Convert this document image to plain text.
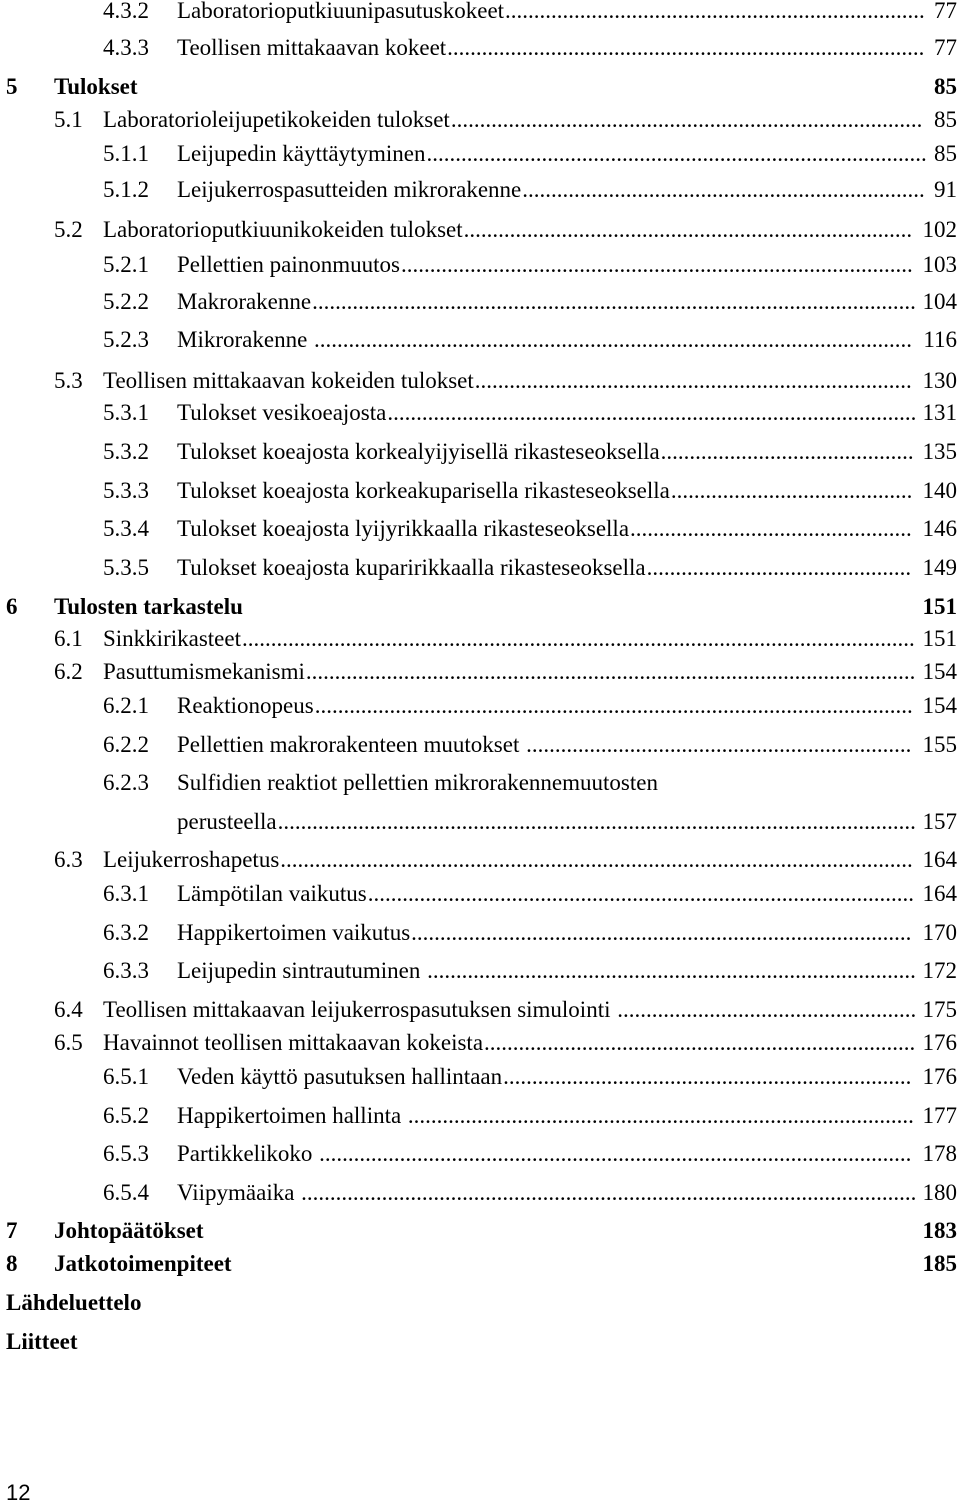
4.3.2 Laboratorioputkiuunipasutuskokeet	77
.........................................................................
4.3.3 Teollisen mittakaavan kokeet	77
...................................................................................
5 Tulokset	85
5.1 Laboratorioleijupetikokeiden tulokset	85
..................................................................................
5.1.1 Leijupedin käyttäytyminen	85
.......................................................................................
5.1.2 Leijukerrospasutteiden mikrorakenne	91
......................................................................
5.2 Laboratorioputkiuunikokeiden tulokset	102
..............................................................................
5.2.1 Pellettien painonmuutos	103
.........................................................................................
5.2.2 Makrorakenne	104
.........................................................................................................
5.2.3 Mikrorakenne	116
........................................................................................................
5.3 Teollisen mittakaavan kokeiden tulokset	130
............................................................................
5.3.1 Tulokset vesikoeajosta	131
............................................................................................
5.3.2 Tulokset koeajosta korkealyijyisellä rikasteseoksella	135
............................................
5.3.3 Tulokset koeajosta korkeakuparisella rikasteseoksella	140
..........................................
5.3.4 Tulokset koeajosta lyijyrikkaalla rikasteseoksella	146
.................................................
5.3.5 Tulokset koeajosta kuparirikkaalla rikasteseoksella	149
..............................................
6 Tulosten tarkastelu	151
6.1 Sinkkirikasteet	151
.....................................................................................................................
6.2 Pasuttumismekanismi	154
..........................................................................................................
6.2.1 Reaktionopeus	154
........................................................................................................
6.2.2 Pellettien makrorakenteen muutokset	155
...................................................................
6.2.3 Sulfidien reaktiot pellettien mikrorakennemuutosten
perusteella	157
...............................................................................................................
6.3 Leijukerroshapetus	164
..............................................................................................................
6.3.1 Lämpötilan vaikutus	164
...............................................................................................
6.3.2 Happikertoimen vaikutus	170
.......................................................................................
6.3.3 Leijupedin sintrautuminen	172
.....................................................................................
6.4 Teollisen mittakaavan leijukerrospasutuksen simulointi	175
....................................................
6.5 Havainnot teollisen mittakaavan kokeista	176
...........................................................................
6.5.1 Veden käyttö pasutuksen hallintaan	176
.......................................................................
6.5.2 Happikertoimen hallinta	177
........................................................................................
6.5.3 Partikkelikoko	178
.......................................................................................................
6.5.4 Viipymäaika	180
...........................................................................................................
7 Johtopäätökset	183
8 Jatkotoimenpiteet	185
Lähdeluettelo
Liitteet
12
